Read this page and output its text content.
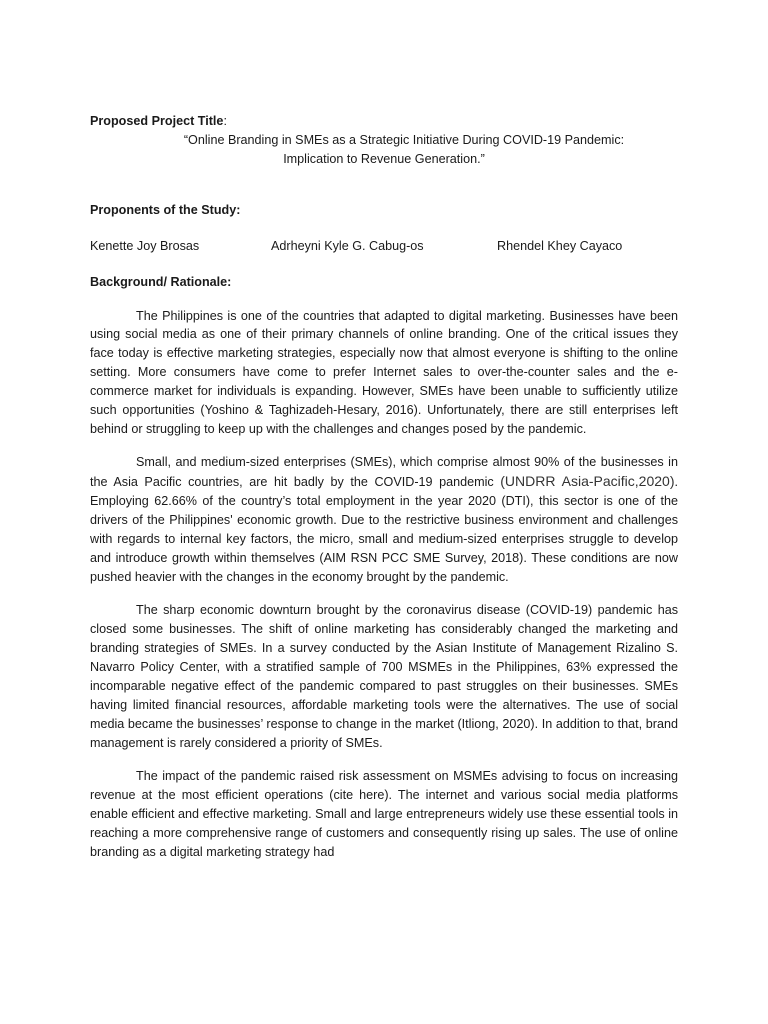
Proposed Project Title:

“Online Branding in SMEs as a Strategic Initiative During COVID-19 Pandemic:

Implication to Revenue Generation.”

Proponents of the Study:

Kenette Joy Brosas	Adrheyni Kyle G. Cabug-os	Rhendel Khey Cayaco

Background/ Rationale:

The Philippines is one of the countries that adapted to digital marketing. Businesses have been using social media as one of their primary channels of online branding. One of the critical issues they face today is effective marketing strategies, especially now that almost everyone is shifting to the online setting. More consumers have come to prefer Internet sales to over-the-counter sales and the e-commerce market for individuals is expanding. However, SMEs have been unable to sufficiently utilize such opportunities (Yoshino & Taghizadeh-Hesary, 2016). Unfortunately, there are still enterprises left behind or struggling to keep up with the challenges and changes posed by the pandemic.

Small, and medium-sized enterprises (SMEs), which comprise almost 90% of the businesses in the Asia Pacific countries, are hit badly by the COVID-19 pandemic (UNDRR Asia-Pacific,2020). Employing 62.66% of the country’s total employment in the year 2020 (DTI), this sector is one of the drivers of the Philippines' economic growth. Due to the restrictive business environment and challenges with regards to internal key factors, the micro, small and medium-sized enterprises struggle to develop and introduce growth within themselves (AIM RSN PCC SME Survey, 2018). These conditions are now pushed heavier with the changes in the economy brought by the pandemic.

The sharp economic downturn brought by the coronavirus disease (COVID-19) pandemic has closed some businesses. The shift of online marketing has considerably changed the marketing and branding strategies of SMEs. In a survey conducted by the Asian Institute of Management Rizalino S. Navarro Policy Center, with a stratified sample of 700 MSMEs in the Philippines, 63% expressed the incomparable negative effect of the pandemic compared to past struggles on their businesses. SMEs having limited financial resources, affordable marketing tools were the alternatives. The use of social media became the businesses’ response to change in the market (Itliong, 2020). In addition to that, brand management is rarely considered a priority of SMEs.

The impact of the pandemic raised risk assessment on MSMEs advising to focus on increasing revenue at the most efficient operations (cite here). The internet and various social media platforms enable efficient and effective marketing. Small and large entrepreneurs widely use these essential tools in reaching a more comprehensive range of customers and consequently rising up sales. The use of online branding as a digital marketing strategy had
